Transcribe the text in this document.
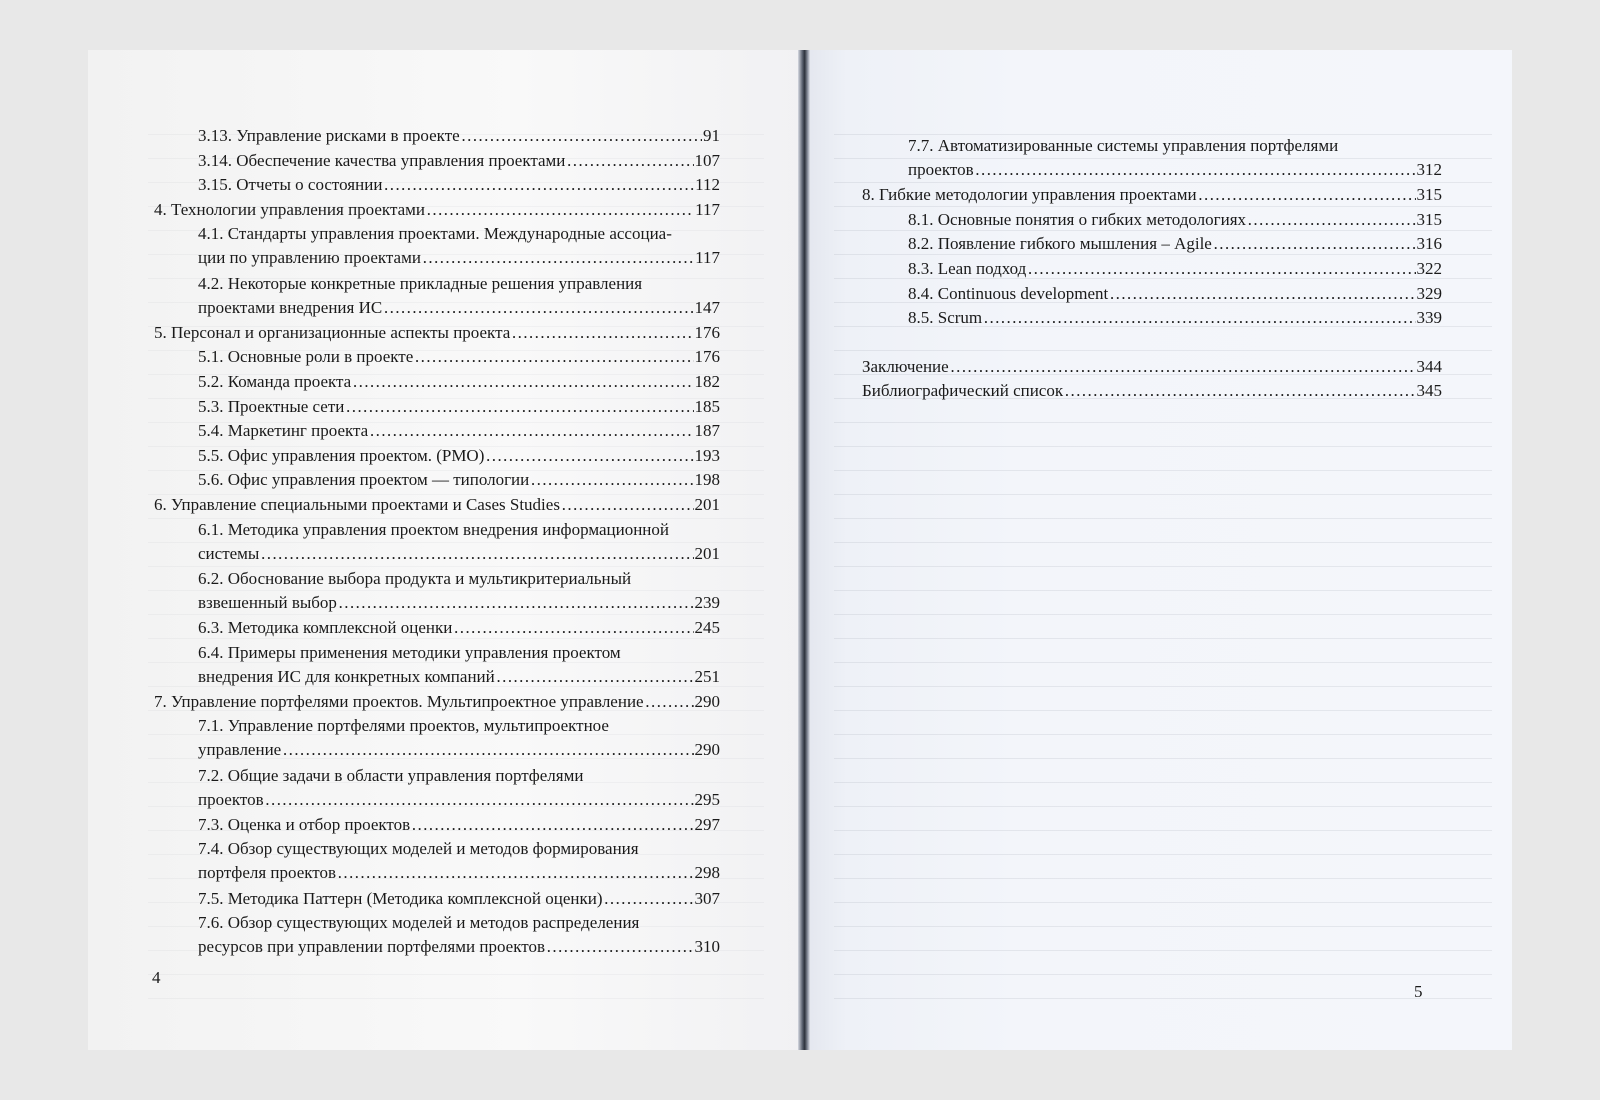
3.13. Управление рисками в проекте …………………………………………………………………………………………………………………………………………………………………………………………………………………………………………	91
3.14. Обеспечение качества управления проектами …………………………………………………………………………………………………………………………………………………………………………………………………………………………………………	107
3.15. Отчеты о состоянии …………………………………………………………………………………………………………………………………………………………………………………………………………………………………………	112
4. Технологии управления проектами …………………………………………………………………………………………………………………………………………………………………………………………………………………………………………	117
4.1. Стандарты управления проектами. Международные ассоциа-
ции по управлению проектами …………………………………………………………………………………………………………………………………………………………………………………………………………………………………………	117
4.2. Некоторые конкретные прикладные решения управления
проектами внедрения ИС …………………………………………………………………………………………………………………………………………………………………………………………………………………………………………	147
5. Персонал и организационные аспекты проекта …………………………………………………………………………………………………………………………………………………………………………………………………………………………………………	176
5.1. Основные роли в проекте …………………………………………………………………………………………………………………………………………………………………………………………………………………………………………	176
5.2. Команда проекта …………………………………………………………………………………………………………………………………………………………………………………………………………………………………………	182
5.3. Проектные сети …………………………………………………………………………………………………………………………………………………………………………………………………………………………………………	185
5.4. Маркетинг проекта …………………………………………………………………………………………………………………………………………………………………………………………………………………………………………	187
5.5. Офис управления проектом. (PMO) …………………………………………………………………………………………………………………………………………………………………………………………………………………………………………	193
5.6. Офис управления проектом — типологии …………………………………………………………………………………………………………………………………………………………………………………………………………………………………………	198
6. Управление специальными проектами и Cases Studies …………………………………………………………………………………………………………………………………………………………………………………………………………………………………………	201
6.1. Методика управления проектом внедрения информационной
системы …………………………………………………………………………………………………………………………………………………………………………………………………………………………………………	201
6.2. Обоснование выбора продукта и мультикритериальный
взвешенный выбор …………………………………………………………………………………………………………………………………………………………………………………………………………………………………………	239
6.3. Методика комплексной оценки …………………………………………………………………………………………………………………………………………………………………………………………………………………………………………	245
6.4. Примеры применения методики управления проектом
внедрения ИС для конкретных компаний …………………………………………………………………………………………………………………………………………………………………………………………………………………………………………	251
7. Управление портфелями проектов. Мультипроектное управление …………………………………………………………………………………………………………………………………………………………………………………………………………………………………………	290
7.1. Управление портфелями проектов, мультипроектное
управление …………………………………………………………………………………………………………………………………………………………………………………………………………………………………………	290
7.2. Общие задачи в области управления портфелями
проектов …………………………………………………………………………………………………………………………………………………………………………………………………………………………………………	295
7.3. Оценка и отбор проектов …………………………………………………………………………………………………………………………………………………………………………………………………………………………………………	297
7.4. Обзор существующих моделей и методов формирования
портфеля проектов …………………………………………………………………………………………………………………………………………………………………………………………………………………………………………	298
7.5. Методика Паттерн (Методика комплексной оценки) …………………………………………………………………………………………………………………………………………………………………………………………………………………………………………	307
7.6. Обзор существующих моделей и методов распределения
ресурсов при управлении портфелями проектов …………………………………………………………………………………………………………………………………………………………………………………………………………………………………………	310
4
7.7. Автоматизированные системы управления портфелями
проектов …………………………………………………………………………………………………………………………………………………………………………………………………………………………………………	312
8. Гибкие методологии управления проектами …………………………………………………………………………………………………………………………………………………………………………………………………………………………………………	315
8.1. Основные понятия о гибких методологиях …………………………………………………………………………………………………………………………………………………………………………………………………………………………………………	315
8.2. Появление гибкого мышления – Agile …………………………………………………………………………………………………………………………………………………………………………………………………………………………………………	316
8.3. Lean подход …………………………………………………………………………………………………………………………………………………………………………………………………………………………………………	322
8.4. Continuous development …………………………………………………………………………………………………………………………………………………………………………………………………………………………………………	329
8.5. Scrum …………………………………………………………………………………………………………………………………………………………………………………………………………………………………………	339
Заключение …………………………………………………………………………………………………………………………………………………………………………………………………………………………………………	344
Библиографический список …………………………………………………………………………………………………………………………………………………………………………………………………………………………………………	345
5
